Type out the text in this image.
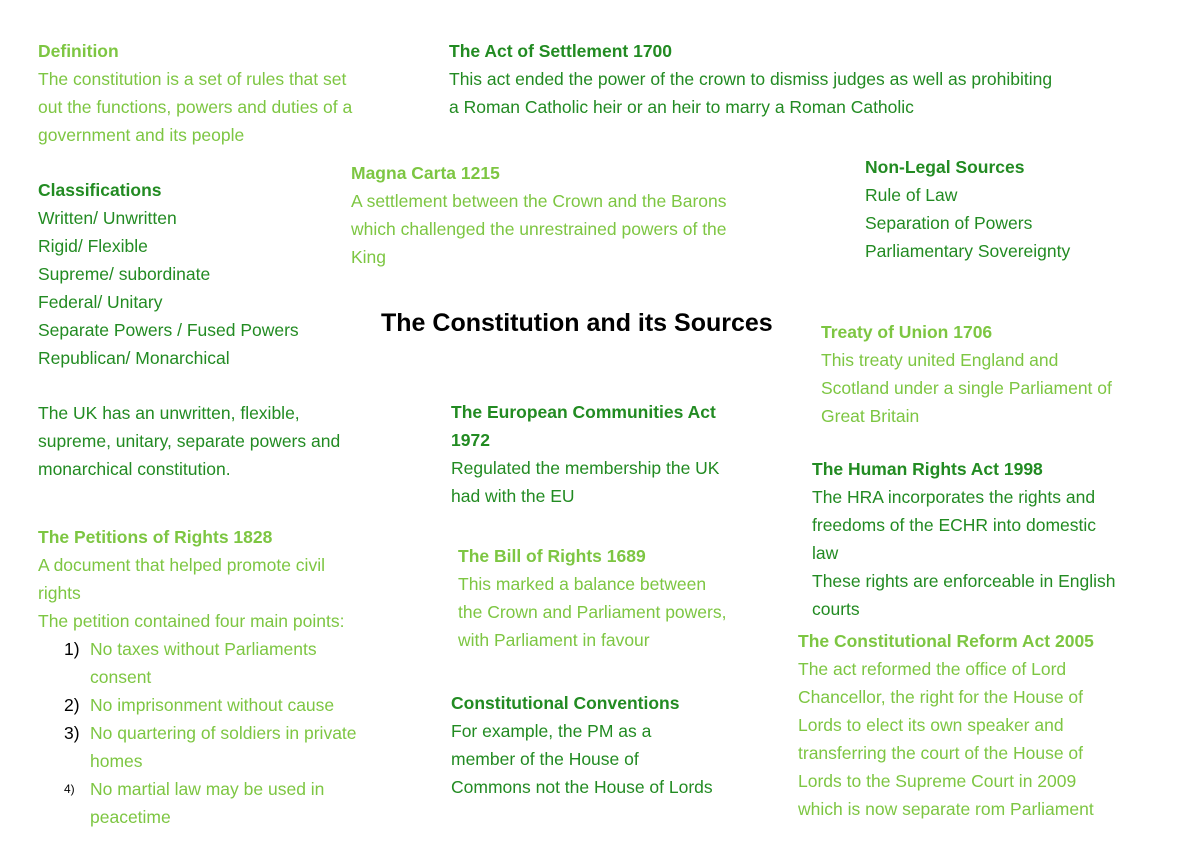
Definition

The constitution is a set of rules that set

out the functions, powers and duties of a

government and its people

The Act of Settlement 1700

This act ended the power of the crown to dismiss judges as well as prohibiting

a Roman Catholic heir or an heir to marry a Roman Catholic

Magna Carta 1215

A settlement between the Crown and the Barons

which challenged the unrestrained powers of the

King

Non-Legal Sources

Rule of Law

Separation of Powers

Parliamentary Sovereignty

Classifications

Written/ Unwritten

Rigid/ Flexible

Supreme/ subordinate

Federal/ Unitary

Separate Powers / Fused Powers

Republican/ Monarchical

The Constitution and its Sources	Treaty of Union 1706

This treaty united England and

Scotland under a single Parliament of

Great Britain

The UK has an unwritten, flexible,

supreme, unitary, separate powers and

monarchical constitution.

The European Communities Act

1972

Regulated the membership the UK

had with the EU

The Human Rights Act 1998

The HRA incorporates the rights and

freedoms of the ECHR into domestic

law

These rights are enforceable in English

courts

The Petitions of Rights 1828

A document that helped promote civil

rights

The petition contained four main points:

1) No taxes without Parliaments
consent
2) No imprisonment without cause
3) No quartering of soldiers in private
homes
4) No martial law may be used in
peacetime

The Bill of Rights 1689

This marked a balance between

the Crown and Parliament powers,

with Parliament in favour	The Constitutional Reform Act 2005

The act reformed the office of Lord

Chancellor, the right for the House of

Lords to elect its own speaker and

transferring the court of the House of

Lords to the Supreme Court in 2009

which is now separate rom Parliament

Constitutional Conventions

For example, the PM as a

member of the House of

Commons not the House of Lords
